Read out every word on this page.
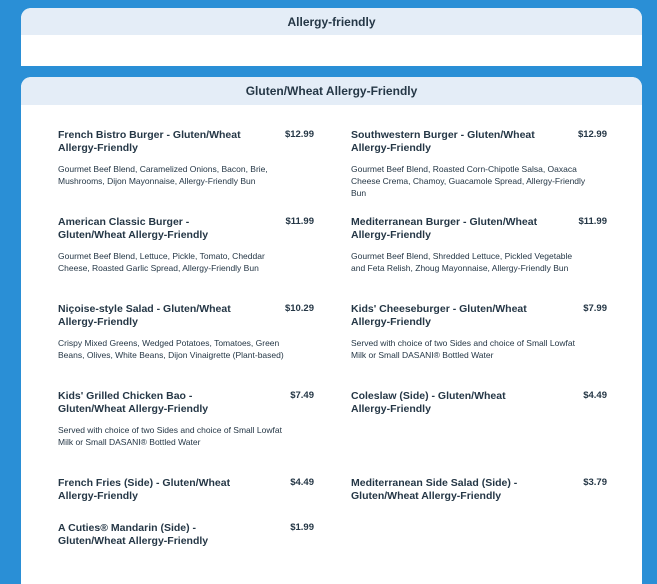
Allergy-friendly
Gluten/Wheat Allergy-Friendly
French Bistro Burger - Gluten/Wheat Allergy-Friendly
$12.99
Gourmet Beef Blend, Caramelized Onions, Bacon, Brie, Mushrooms, Dijon Mayonnaise, Allergy-Friendly Bun
Southwestern Burger - Gluten/Wheat Allergy-Friendly
$12.99
Gourmet Beef Blend, Roasted Corn-Chipotle Salsa, Oaxaca Cheese Crema, Chamoy, Guacamole Spread, Allergy-Friendly Bun
American Classic Burger - Gluten/Wheat Allergy-Friendly
$11.99
Gourmet Beef Blend, Lettuce, Pickle, Tomato, Cheddar Cheese, Roasted Garlic Spread, Allergy-Friendly Bun
Mediterranean Burger - Gluten/Wheat Allergy-Friendly
$11.99
Gourmet Beef Blend, Shredded Lettuce, Pickled Vegetable and Feta Relish, Zhoug Mayonnaise, Allergy-Friendly Bun
Niçoise-style Salad - Gluten/Wheat Allergy-Friendly
$10.29
Crispy Mixed Greens, Wedged Potatoes, Tomatoes, Green Beans, Olives, White Beans, Dijon Vinaigrette (Plant-based)
Kids' Cheeseburger - Gluten/Wheat Allergy-Friendly
$7.99
Served with choice of two Sides and choice of Small Lowfat Milk or Small DASANI® Bottled Water
Kids' Grilled Chicken Bao - Gluten/Wheat Allergy-Friendly
$7.49
Served with choice of two Sides and choice of Small Lowfat Milk or Small DASANI® Bottled Water
Coleslaw (Side) - Gluten/Wheat Allergy-Friendly
$4.49
French Fries (Side) - Gluten/Wheat Allergy-Friendly
$4.49	Mediterranean Side Salad (Side) - Gluten/Wheat Allergy-Friendly
$3.79
A Cuties® Mandarin (Side) - Gluten/Wheat Allergy-Friendly
$1.99
